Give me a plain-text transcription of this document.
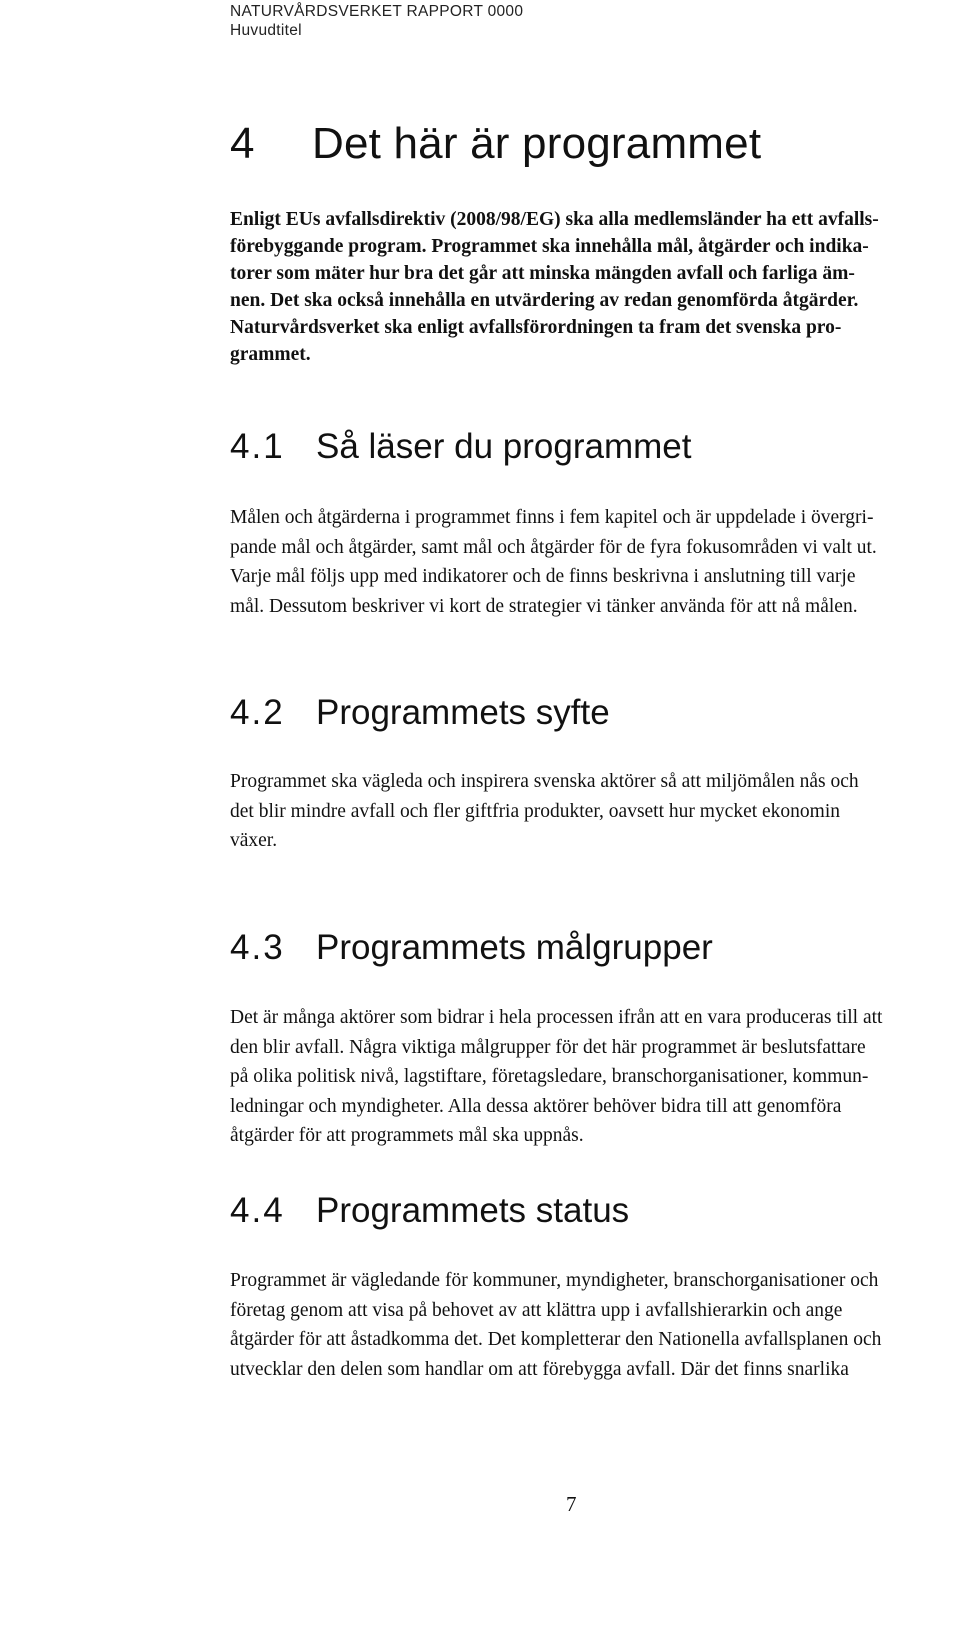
NATURVÅRDSVERKET RAPPORT 0000
Huvudtitel
4 Det här är programmet
Enligt EUs avfallsdirektiv (2008/98/EG) ska alla medlemsländer ha ett avfalls-
förebyggande program. Programmet ska innehålla mål, åtgärder och indika-
torer som mäter hur bra det går att minska mängden avfall och farliga äm-
nen. Det ska också innehålla en utvärdering av redan genomförda åtgärder.
Naturvårdsverket ska enligt avfallsförordningen ta fram det svenska pro-
grammet.
4.1 Så läser du programmet
Målen och åtgärderna i programmet finns i fem kapitel och är uppdelade i övergri-
pande mål och åtgärder, samt mål och åtgärder för de fyra fokusområden vi valt ut.
Varje mål följs upp med indikatorer och de finns beskrivna i anslutning till varje
mål. Dessutom beskriver vi kort de strategier vi tänker använda för att nå målen.
4.2 Programmets syfte
Programmet ska vägleda och inspirera svenska aktörer så att miljömålen nås och
det blir mindre avfall och fler giftfria produkter, oavsett hur mycket ekonomin
växer.
4.3 Programmets målgrupper
Det är många aktörer som bidrar i hela processen ifrån att en vara produceras till att
den blir avfall. Några viktiga målgrupper för det här programmet är beslutsfattare
på olika politisk nivå, lagstiftare, företagsledare, branschorganisationer, kommun-
ledningar och myndigheter. Alla dessa aktörer behöver bidra till att genomföra
åtgärder för att programmets mål ska uppnås.
4.4 Programmets status
Programmet är vägledande för kommuner, myndigheter, branschorganisationer och
företag genom att visa på behovet av att klättra upp i avfallshierarkin och ange
åtgärder för att åstadkomma det. Det kompletterar den Nationella avfallsplanen och
utvecklar den delen som handlar om att förebygga avfall. Där det finns snarlika
7
